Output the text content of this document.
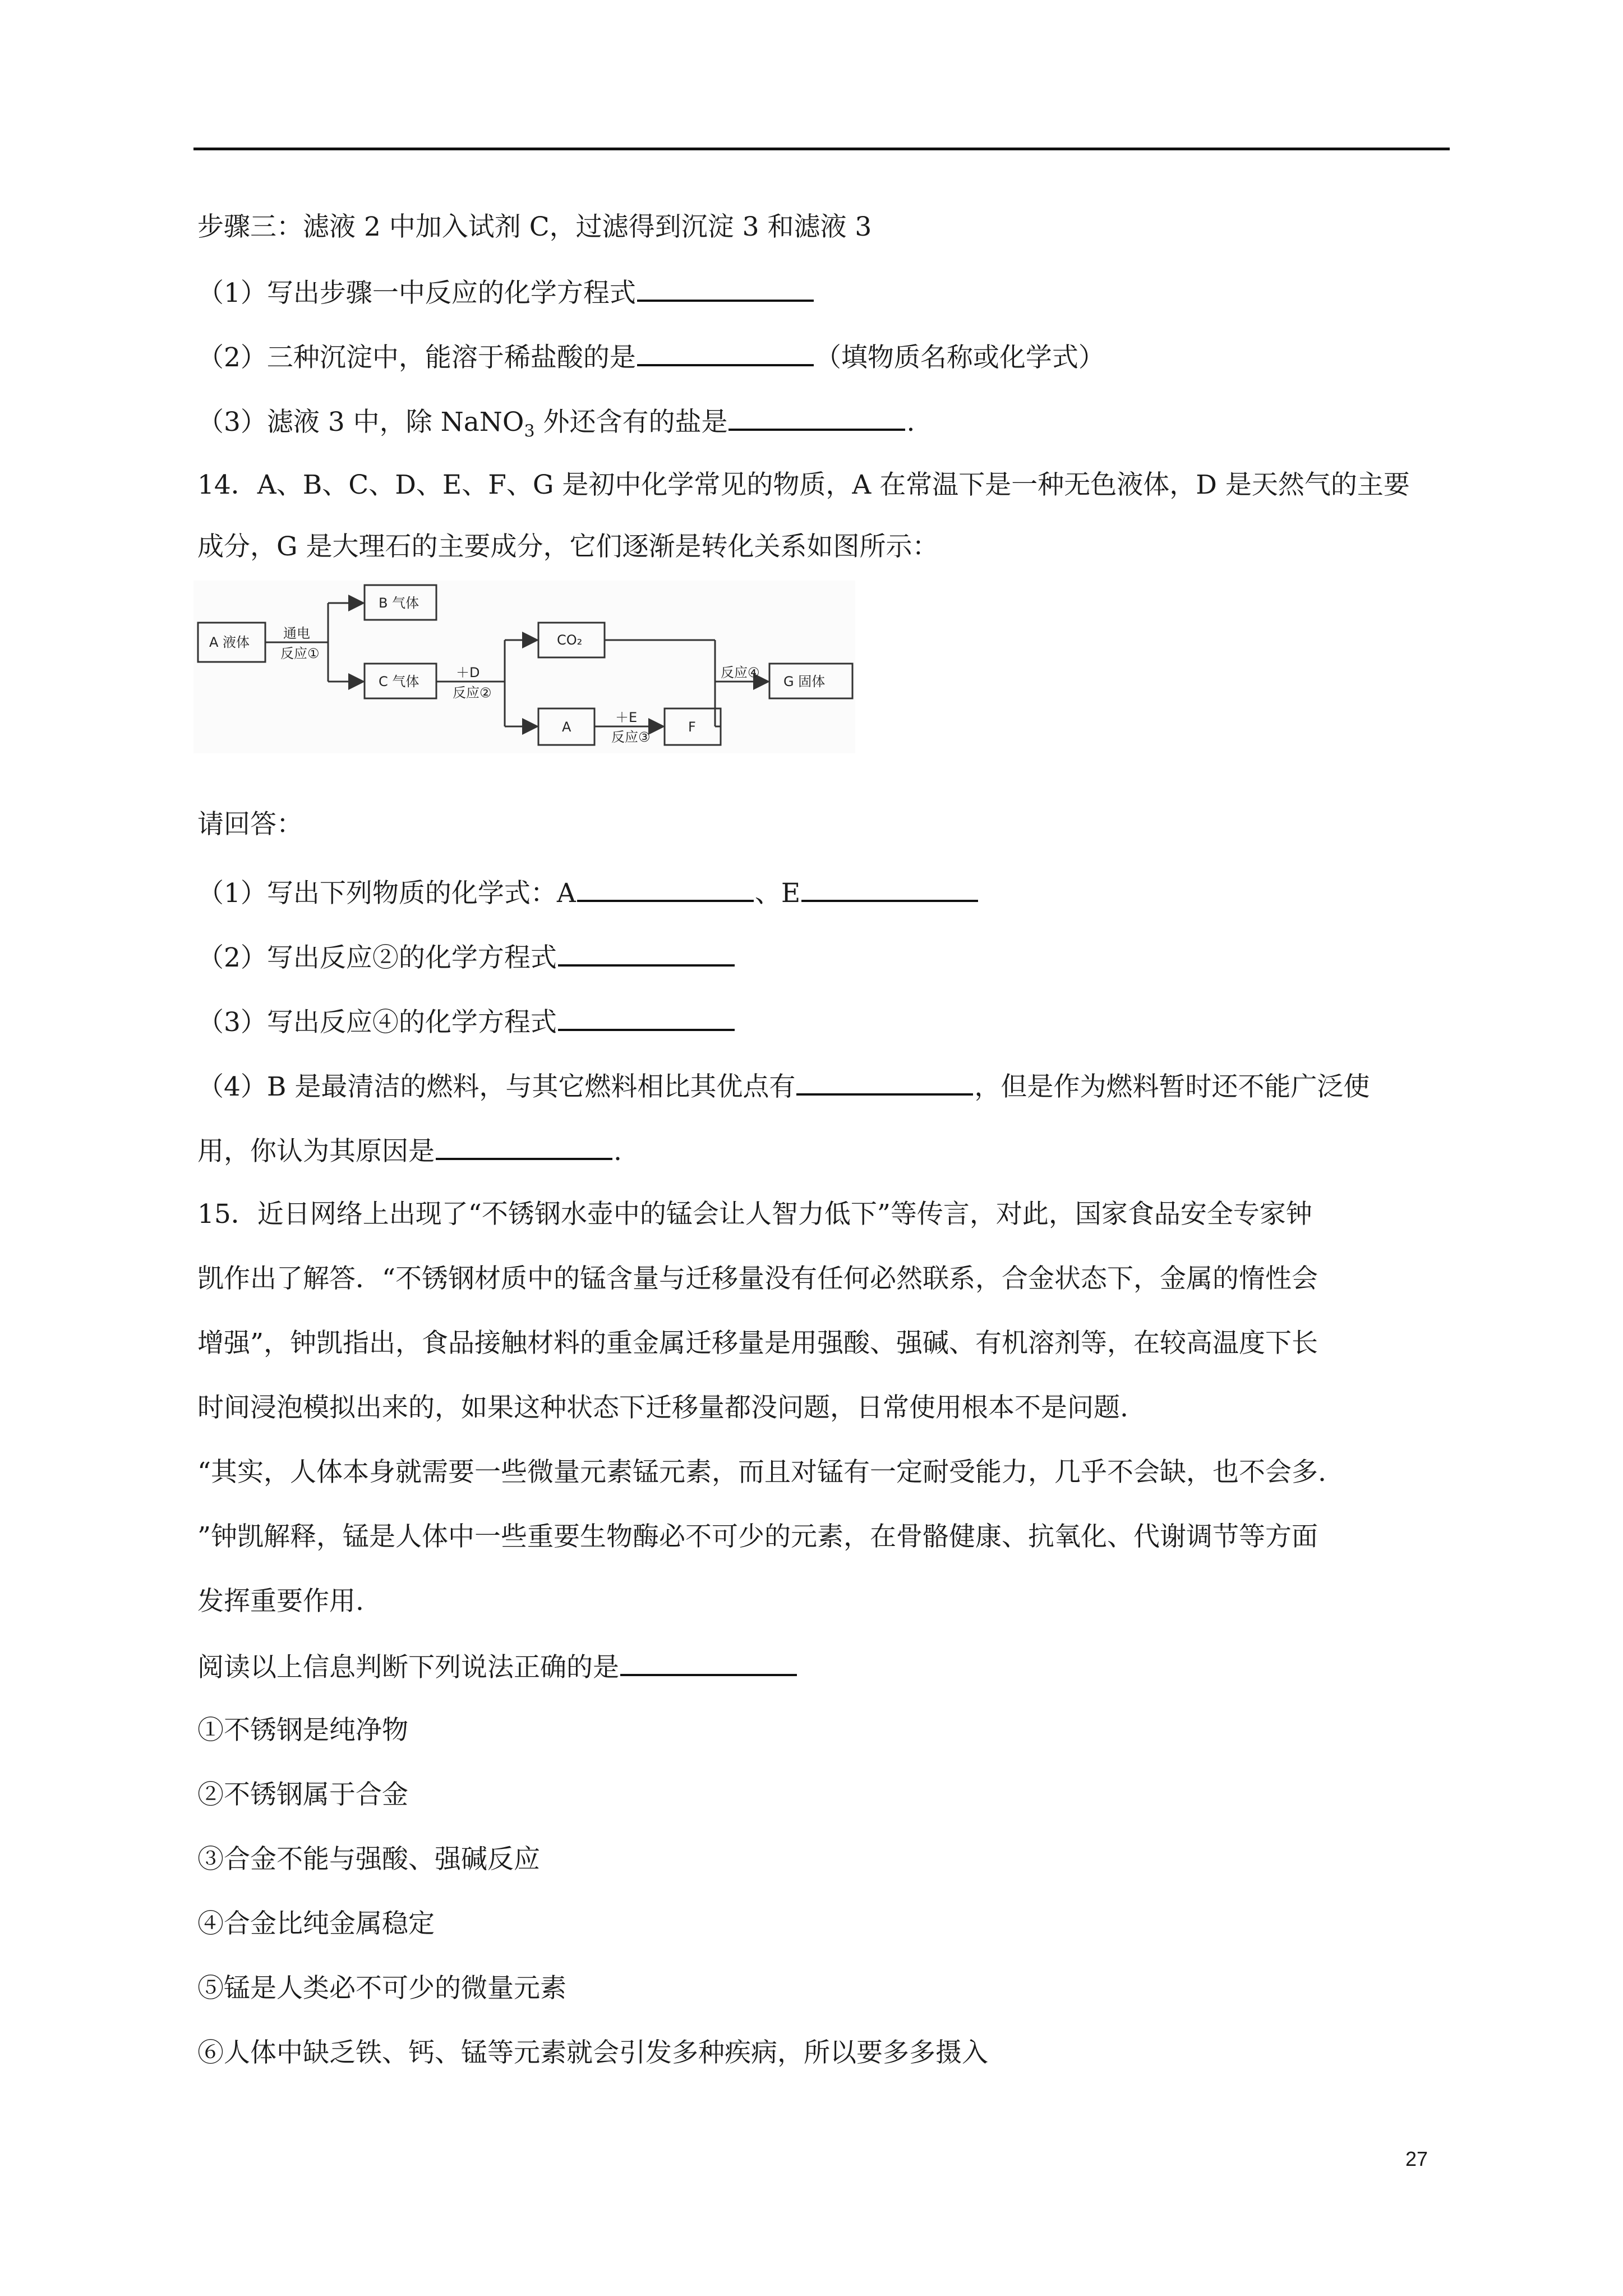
步骤三：滤液 2 中加入试剂 C，过滤得到沉淀 3 和滤液 3
（1）写出步骤一中反应的化学方程式
（2）三种沉淀中，能溶于稀盐酸的是	（填物质名称或化学式）
（3）滤液 3 中，除 NaNO$_3$ 外还含有的盐是	.
14．A、B、C、D、E、F、G 是初中化学常见的物质，A 在常温下是一种无色液体，D 是天然气的主要
成分，G 是大理石的主要成分，它们逐渐是转化关系如图所示：
A 液体
B 气体
C 气体
CO₂
A	F
G 固体
通电
反应①
＋D
反应②
＋E
反应③
反应④
请回答：
（1）写出下列物质的化学式：A	、E
（2）写出反应②的化学方程式
（3）写出反应④的化学方程式
（4）B 是最清洁的燃料，与其它燃料相比其优点有	，但是作为燃料暂时还不能广泛使
用，你认为其原因是	.
15．近日网络上出现了“不锈钢水壶中的锰会让人智力低下”等传言，对此，国家食品安全专家钟
凯作出了解答．“不锈钢材质中的锰含量与迁移量没有任何必然联系，合金状态下，金属的惰性会
增强”，钟凯指出，食品接触材料的重金属迁移量是用强酸、强碱、有机溶剂等，在较高温度下长
时间浸泡模拟出来的，如果这种状态下迁移量都没问题，日常使用根本不是问题.
“其实，人体本身就需要一些微量元素锰元素，而且对锰有一定耐受能力，几乎不会缺，也不会多.
”钟凯解释，锰是人体中一些重要生物酶必不可少的元素，在骨骼健康、抗氧化、代谢调节等方面
发挥重要作用.
阅读以上信息判断下列说法正确的是
①不锈钢是纯净物
②不锈钢属于合金
③合金不能与强酸、强碱反应
④合金比纯金属稳定
⑤锰是人类必不可少的微量元素
⑥人体中缺乏铁、钙、锰等元素就会引发多种疾病，所以要多多摄入
27
